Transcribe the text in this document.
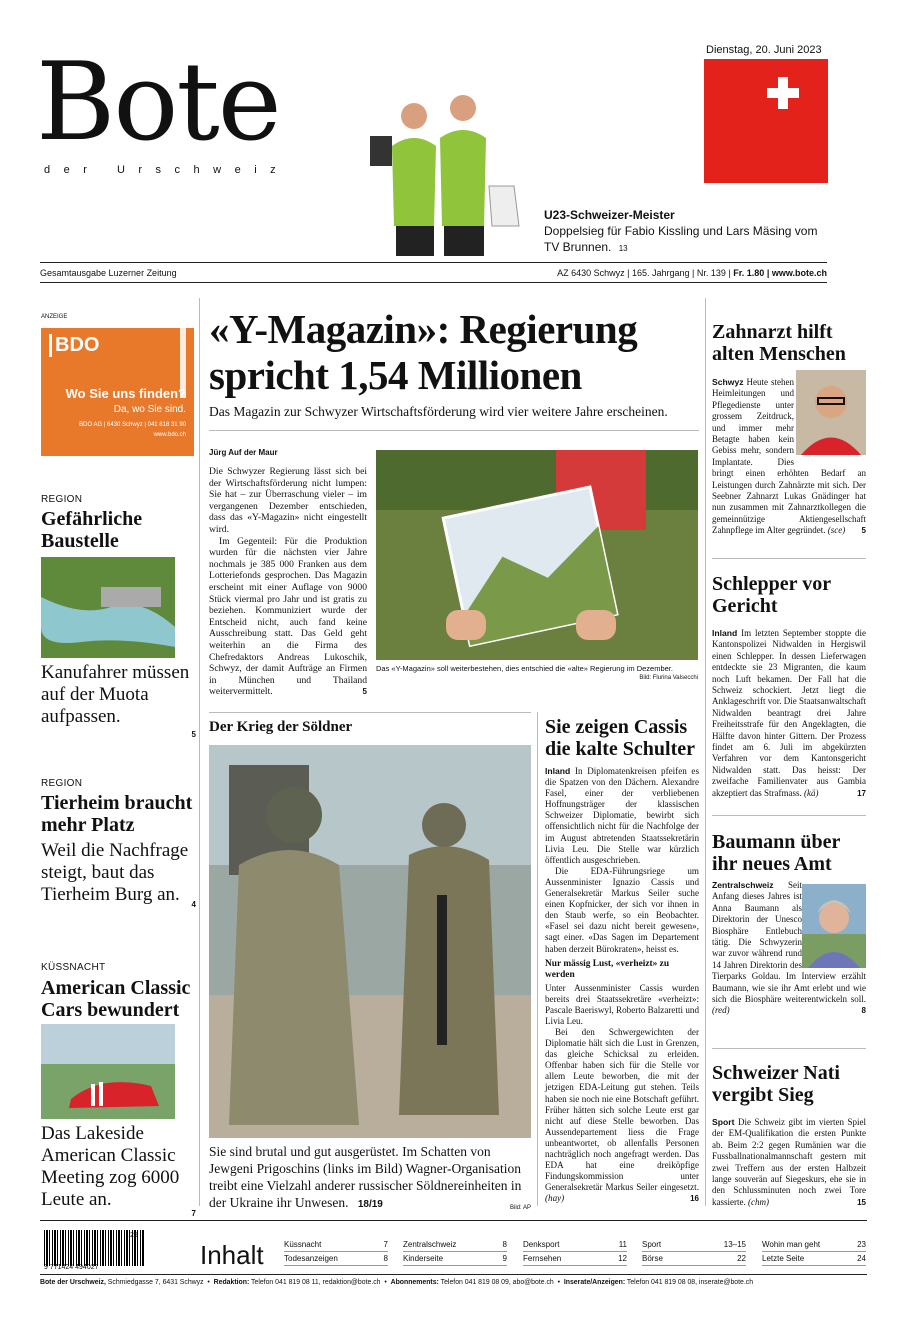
Bote
der Urschweiz
Dienstag, 20. Juni 2023
U23-Schweizer-Meister
Doppelsieg für Fabio Kissling und Lars Mäsing vom TV Brunnen. 13
Gesamtausgabe Luzerner Zeitung	AZ 6430 Schwyz | 165. Jahrgang | Nr. 139 | Fr. 1.80 | www.bote.ch
ANZEIGE
BDO
Wo Sie uns finden?
Da, wo Sie sind.
BDO AG | 6430 Schwyz | 041 818 31 90
www.bdo.ch
REGION
Gefährliche Baustelle
Kanufahrer müssen auf der Muota aufpassen.
5
REGION
Tierheim braucht mehr Platz
Weil die Nachfrage steigt, baut das Tierheim Burg an. 4
KÜSSNACHT
American Classic Cars bewundert
Das Lakeside American Classic Meeting zog 6000 Leute an.
7
«Y-Magazin»: Regierung spricht 1,54 Millionen
Das Magazin zur Schwyzer Wirtschaftsförderung wird vier weitere Jahre erscheinen.
Jürg Auf der Maur

Die Schwyzer Regierung lässt sich bei der Wirtschaftsförderung nicht lumpen: Sie hat – zur Überraschung vieler – im vergangenen Dezember entschieden, dass das «Y-Magazin» nicht eingestellt wird.

Im Gegenteil: Für die Produktion wurden für die nächsten vier Jahre nochmals je 385 000 Franken aus dem Lotteriefonds gesprochen. Das Magazin erscheint mit einer Auflage von 9000 Stück viermal pro Jahr und ist gratis zu beziehen. Kommuniziert wurde der Entscheid nicht, auch fand keine Ausschreibung statt. Das Geld geht weiterhin an die Firma des Chefredaktors Andreas Lukoschik, Schwyz, der damit Aufträge an Firmen in München und Thailand weitervermittelt.	5

Das «Y-Magazin» soll weiterbestehen, dies entschied die «alte» Regierung im Dezember.
Bild: Flurina Valsecchi
Der Krieg der Söldner
Sie sind brutal und gut ausgerüstet. Im Schatten von Jewgeni Prigoschins (links im Bild) Wagner-Organisation treibt eine Vielzahl anderer russischer Söldnereinheiten in der Ukraine ihr Unwesen. 18/19	Bild: AP
Sie zeigen Cassis die kalte Schulter

Inland In Diplomatenkreisen pfeifen es die Spatzen von den Dächern. Alexandre Fasel, einer der verbliebenen Hoffnungsträger der klassischen Schweizer Diplomatie, bewirbt sich offensichtlich nicht für die Nachfolge der im August abtretenden Staatssekretärin Livia Leu. Die Stelle war kürzlich öffentlich ausgeschrieben.

Die EDA-Führungsriege um Aussenminister Ignazio Cassis und Generalsekretär Markus Seiler suche einen Kopfnicker, der sich vor ihnen in den Staub werfe, so ein Beobachter. «Fasel sei dazu nicht bereit gewesen», sagt einer. «Das Sagen im Departement haben derzeit Bürokraten», heisst es.

Nur mässig Lust, «verheizt» zu werden

Unter Aussenminister Cassis wurden bereits drei Staatssekretäre «verheizt»: Pascale Baeriswyl, Roberto Balzaretti und Livia Leu.

Bei den Schwergewichten der Diplomatie hält sich die Lust in Grenzen, das gleiche Schicksal zu erleiden. Offenbar haben sich für die Stelle vor allem Leute beworben, die mit der jetzigen EDA-Leitung gut stehen. Teils haben sie noch nie eine Botschaft geführt. Früher hätten sich solche Leute erst gar nicht auf diese Stelle beworben. Das Aussendepartement liess die Frage unbeantwortet, ob allenfalls Personen nachträglich noch angefragt werden. Das EDA hat eine dreiköpfige Findungskommission unter Generalsekretär Markus Seiler eingesetzt. (hay)	16

Zahnarzt hilft alten Menschen

Schwyz Heute stehen Heimleitungen und Pflegedienste unter grossem Zeitdruck, und immer mehr Betagte haben kein Gebiss mehr, sondern Implantate. Dies bringt einen erhöhten Bedarf an Leistungen durch Zahnärzte mit sich. Der Seebner Zahnarzt Lukas Gnädinger hat nun zusammen mit Zahnarztkollegen die gemeinnützige Aktiengesellschaft Zahnpflege im Alter gegründet. (sce) 5

Schlepper vor Gericht

Inland Im letzten September stoppte die Kantonspolizei Nidwalden in Hergiswil einen Schlepper. In dessen Lieferwagen entdeckte sie 23 Migranten, die kaum noch Luft bekamen. Der Fall hat die Schweiz schockiert. Jetzt liegt die Anklageschrift vor. Die Staatsanwaltschaft Nidwalden beantragt drei Jahre Freiheitsstrafe für den Angeklagten, die Hälfte davon hinter Gittern. Der Prozess findet am 6. Juli im abgekürzten Verfahren vor dem Kantonsgericht Nidwalden statt. Das heisst: Der zweifache Familienvater aus Gambia akzeptiert das Strafmass. (kä)	17

Baumann über ihr neues Amt

Zentralschweiz Seit Anfang dieses Jahres ist Anna Baumann als Direktorin der Unesco Biosphäre Entlebuch tätig. Die Schwyzerin war zuvor während rund 14 Jahren Direktorin des Tierparks Goldau. Im Interview erzählt Baumann, wie sie ihr Amt erlebt und wie sich die Biosphäre weiterentwickeln soll. (red)	8

Schweizer Nati vergibt Sieg

Sport Die Schweiz gibt im vierten Spiel der EM-Qualifikation die ersten Punkte ab. Beim 2:2 gegen Rumänien war die Fussballnationalmannschaft gestern mit zwei Treffern aus der ersten Halbzeit lange souverän auf Siegeskurs, ehe sie in den Schlussminuten noch zwei Tore kassierte. (chm)	15

9 771424 494027
25
Inhalt	Küssnacht	7
Todesanzeigen	8
Zentralschweiz	8
Kinderseite	9
Denksport	11
Fernsehen	12
Sport	13–15
Börse	22
Wohin man geht	23
Letzte Seite	24
Bote der Urschweiz, Schmiedgasse 7, 6431 Schwyz  •  Redaktion: Telefon 041 819 08 11, redaktion@bote.ch  •  Abonnements: Telefon 041 819 08 09, abo@bote.ch  •  Inserate/Anzeigen: Telefon 041 819 08 08, inserate@bote.ch
